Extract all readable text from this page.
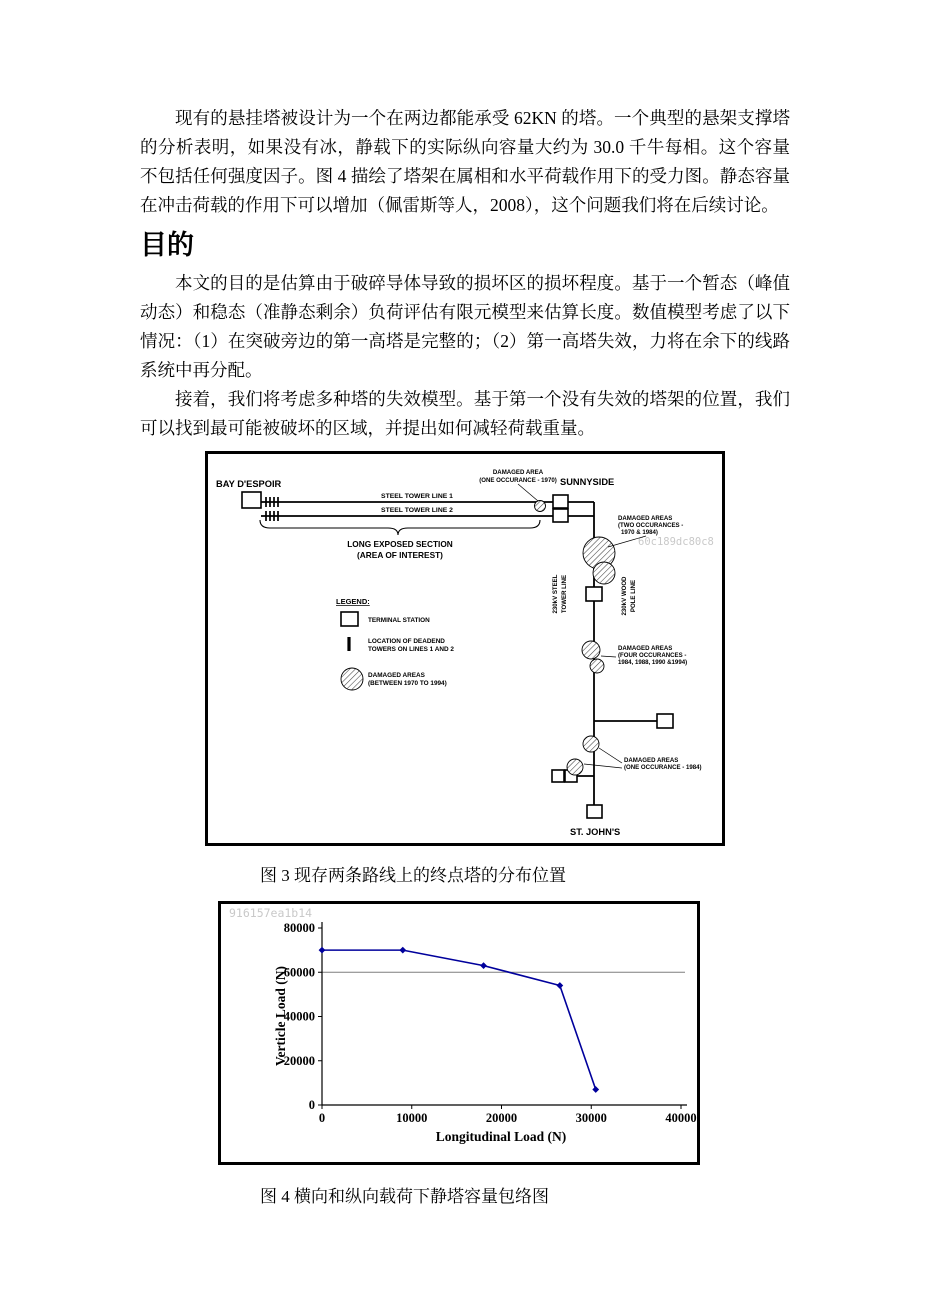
现有的悬挂塔被设计为一个在两边都能承受 62KN 的塔。一个典型的悬架支撑塔的分析表明，如果没有冰，静载下的实际纵向容量大约为 30.0 千牛每相。这个容量不包括任何强度因子。图 4 描绘了塔架在属相和水平荷载作用下的受力图。静态容量在冲击荷载的作用下可以增加（佩雷斯等人，2008），这个问题我们将在后续讨论。

目的

本文的目的是估算由于破碎导体导致的损坏区的损坏程度。基于一个暂态（峰值动态）和稳态（准静态剩余）负荷评估有限元模型来估算长度。数值模型考虑了以下情况：（1）在突破旁边的第一高塔是完整的；（2）第一高塔失效，力将在余下的线路系统中再分配。

接着，我们将考虑多种塔的失效模型。基于第一个没有失效的塔架的位置，我们可以找到最可能被破坏的区域，并提出如何减轻荷载重量。

60c189dc80c8
BAY D'ESPOIR	SUNNYSIDE
ST. JOHN'S
STEEL TOWER LINE 1
STEEL TOWER LINE 2
DAMAGED AREA
(ONE OCCURANCE - 1970)
LONG EXPOSED SECTION
(AREA OF INTEREST)
DAMAGED AREAS
(TWO OCCURANCES -
1970 & 1984)
230kV STEEL TOWER LINE	230kV WOOD POLE LINE
LEGEND:
TERMINAL STATION
LOCATION OF DEADEND
TOWERS ON LINES 1 AND 2
DAMAGED AREAS
(BETWEEN 1970 TO 1994)
DAMAGED AREAS
(FOUR OCCURANCES -
1984, 1988, 1990 &1994)
DAMAGED AREAS
(ONE OCCURANCE - 1984)

图 3 现存两条路线上的终点塔的分布位置

916157ea1b14
Verticle Load (N)
Longitudinal Load (N)
0
20000
40000
60000
80000
0	10000	20000	30000	40000

图 4 横向和纵向载荷下静塔容量包络图
